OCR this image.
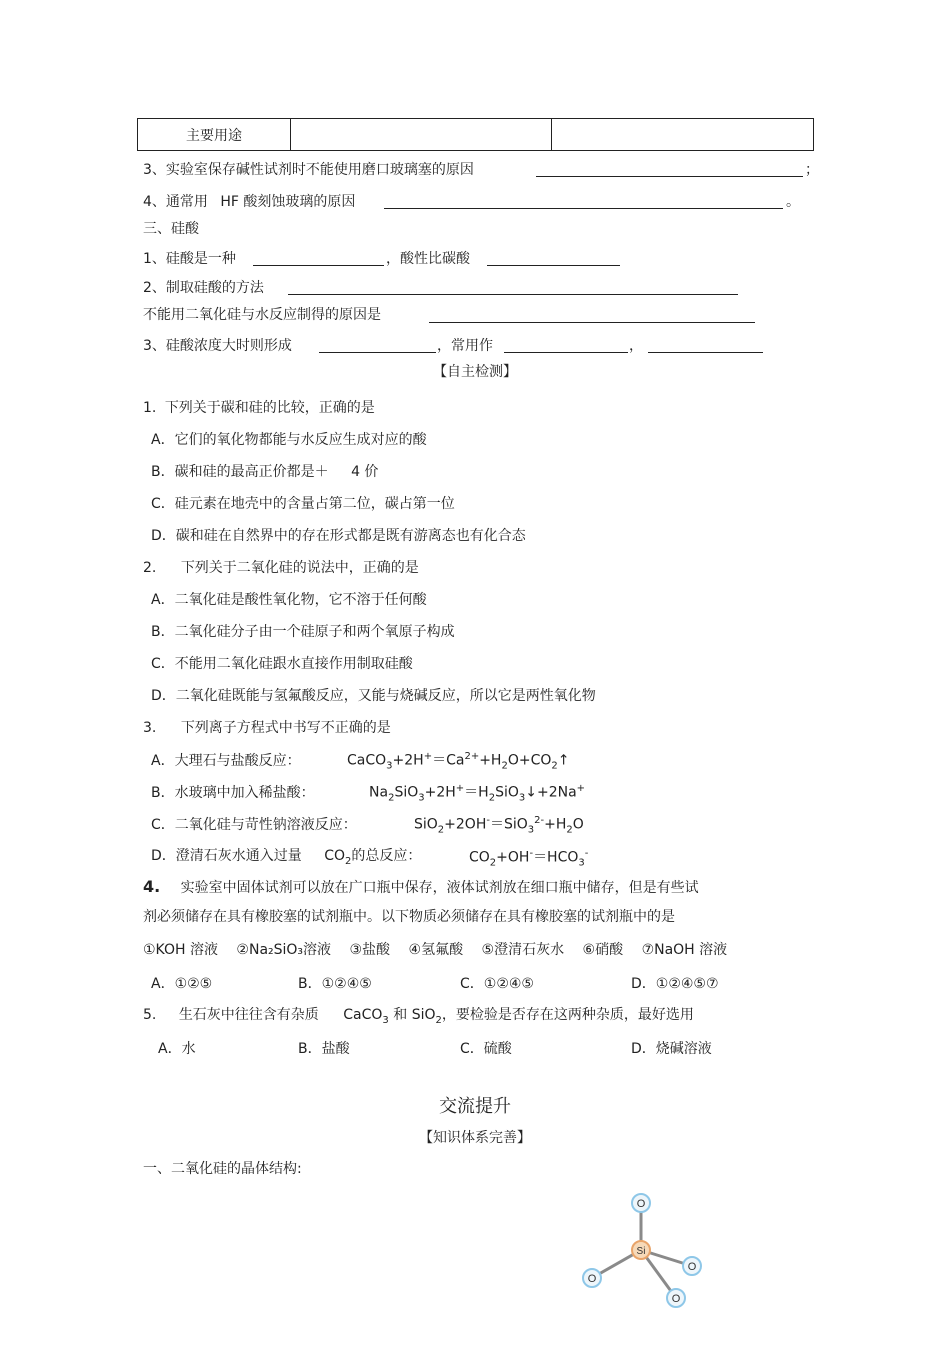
主要用途		
3、实验室保存碱性试剂时不能使用磨口玻璃塞的原因	；
4、通常用 HF 酸刻蚀玻璃的原因	。
三、硅酸
1、硅酸是一种	，酸性比碳酸
2、制取硅酸的方法
不能用二氧化硅与水反应制得的原因是
3、硅酸浓度大时则形成	，常用作	，
【自主检测】
1. 下列关于碳和硅的比较，正确的是
A．它们的氧化物都能与水反应生成对应的酸
B．碳和硅的最高正价都是＋ 4 价
C．硅元素在地壳中的含量占第二位，碳占第一位
D．碳和硅在自然界中的存在形式都是既有游离态也有化合态
2. 下列关于二氧化硅的说法中，正确的是
A．二氧化硅是酸性氧化物，它不溶于任何酸
B．二氧化硅分子由一个硅原子和两个氧原子构成
C．不能用二氧化硅跟水直接作用制取硅酸
D．二氧化硅既能与氢氟酸反应，又能与烧碱反应，所以它是两性氧化物
3. 下列离子方程式中书写不正确的是
A．大理石与盐酸反应：	$CaCO_3+2H^+=Ca^{2+}+H_2O+CO_2↑$
B．水玻璃中加入稀盐酸：	$Na_2SiO_3+2H^+=H_2SiO_3↓+2Na^+$
C．二氧化硅与苛性钠溶液反应：	$SiO_2+2OH^-=SiO_3^{2-}+H_2O$
D．澄清石灰水通入过量 $CO_2$的总反应：	$CO_2+OH^-=HCO_3^-$
4. 实验室中固体试剂可以放在广口瓶中保存，液体试剂放在细口瓶中储存，但是有些试
剂必须储存在具有橡胶塞的试剂瓶中。以下物质必须储存在具有橡胶塞的试剂瓶中的是
①KOH 溶液 ②Na₂SiO₃溶液 ③盐酸 ④氢氟酸 ⑤澄清石灰水 ⑥硝酸 ⑦NaOH 溶液
A．①②⑤	B．①②④⑤	C．①②④⑤	D．①②④⑤⑦
5. 生石灰中往往含有杂质 CaCO$_3$ 和 SiO$_2$，要检验是否存在这两种杂质，最好选用
A．水	B．盐酸	C．硫酸	D．烧碱溶液
交流提升
【知识体系完善】
一、二氧化硅的晶体结构:
O
O
O
O
Si
